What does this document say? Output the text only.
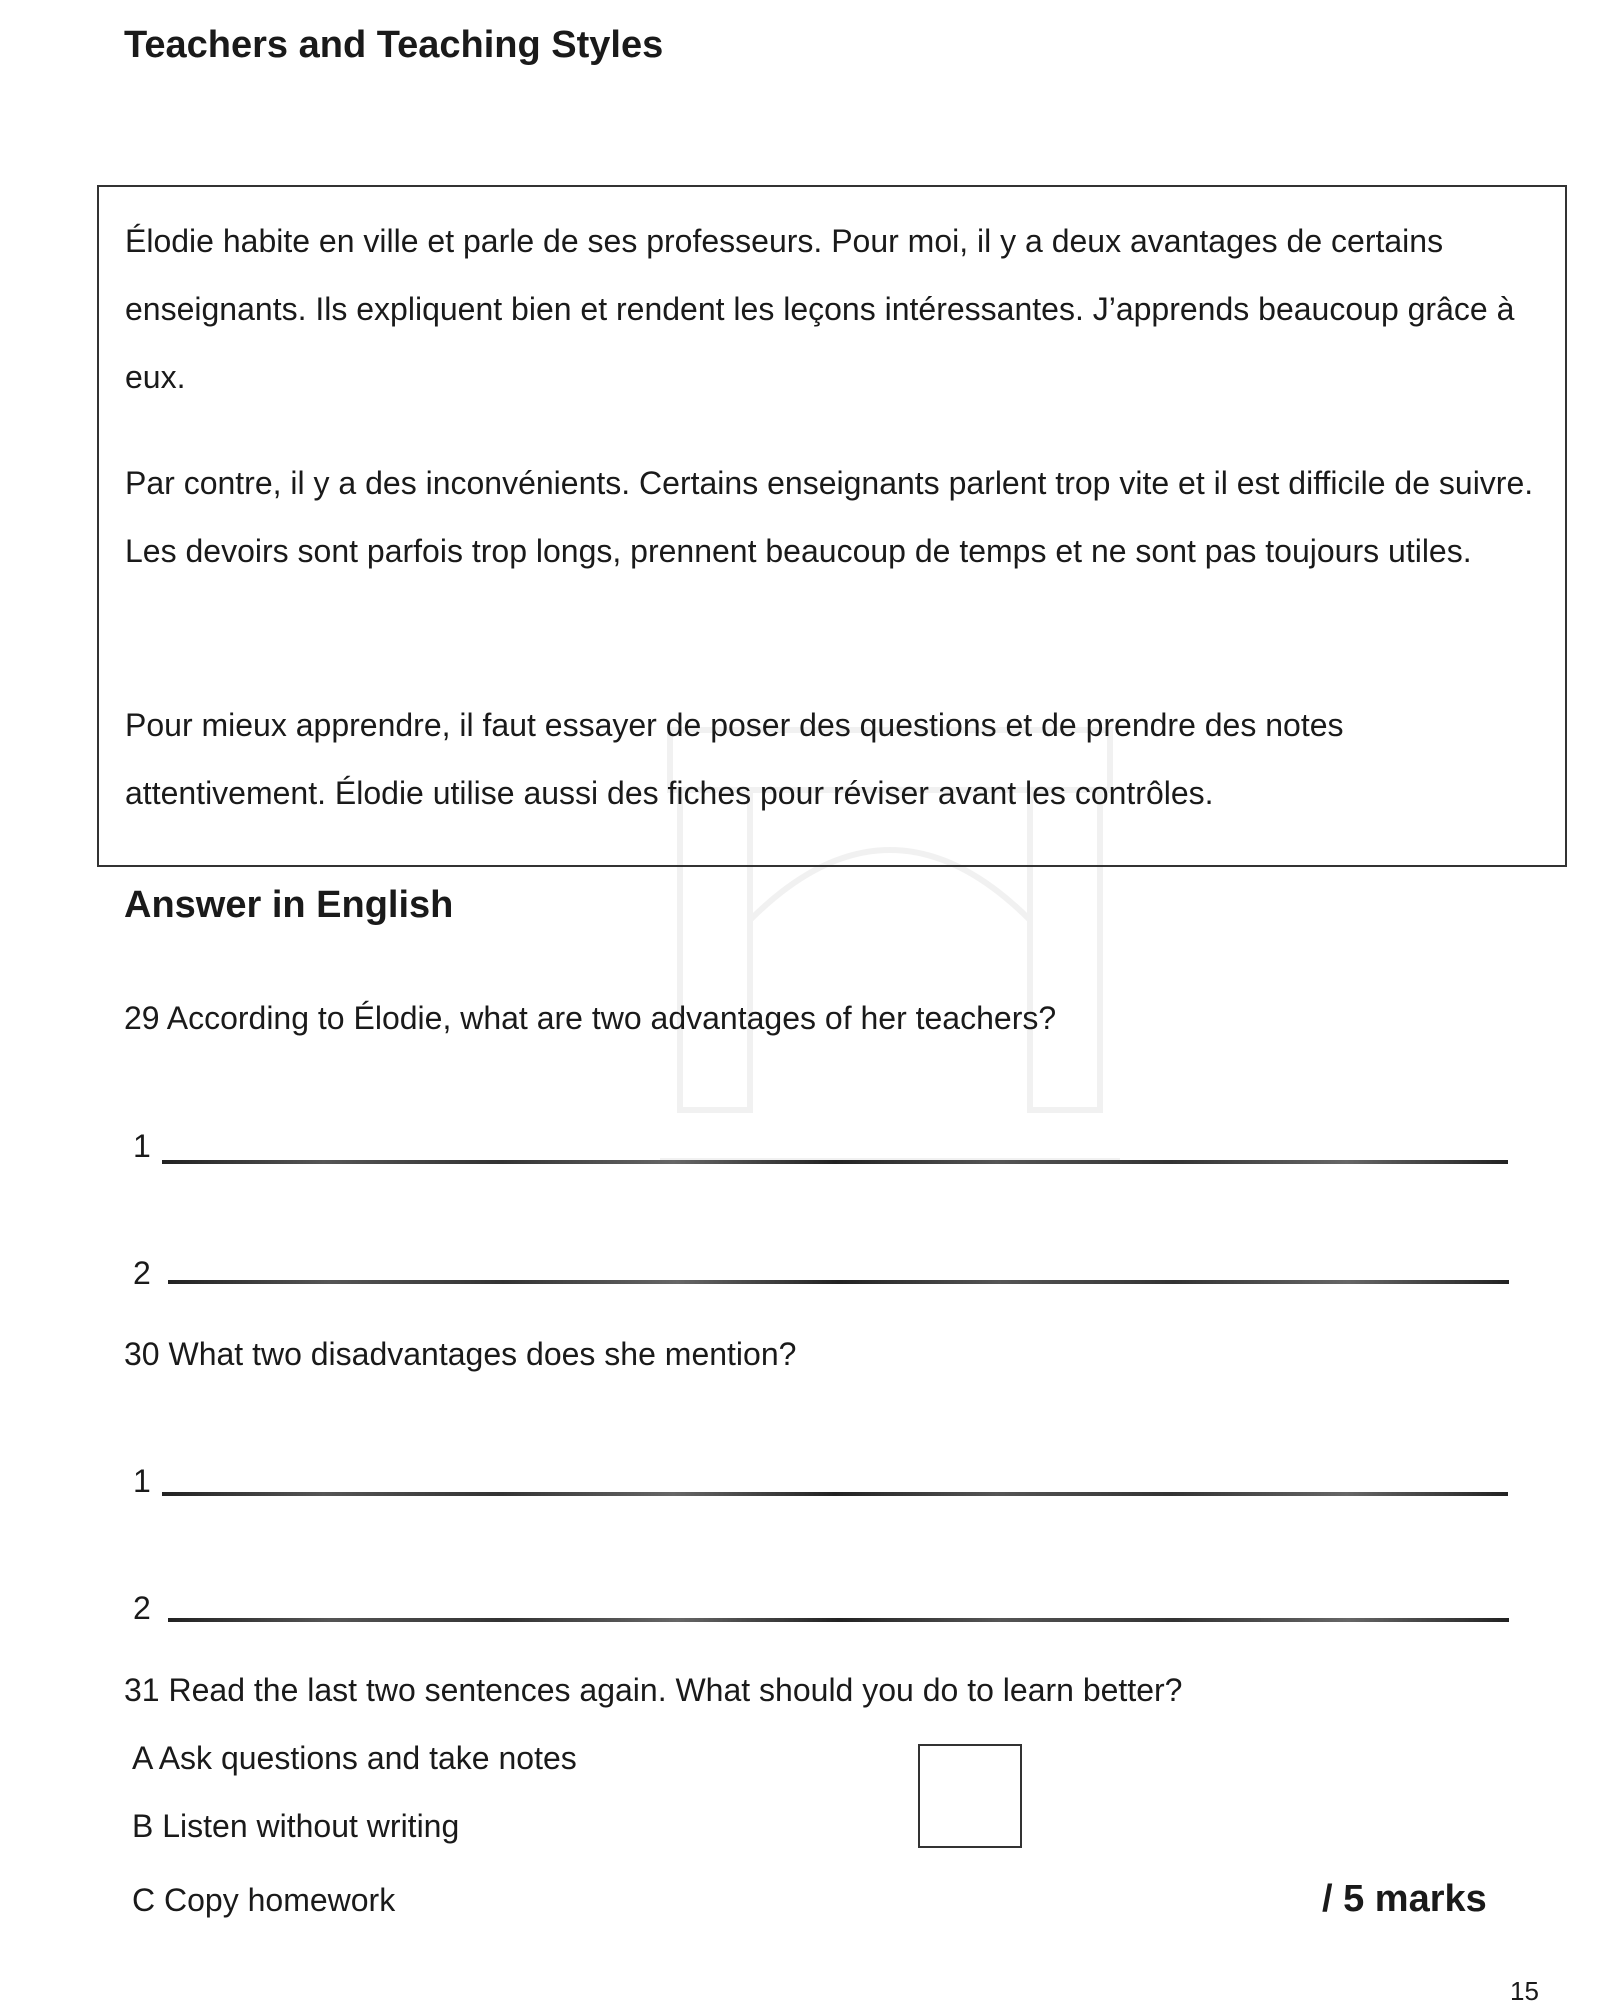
Teachers and Teaching Styles
Élodie habite en ville et parle de ses professeurs. Pour moi, il y a deux avantages de certains enseignants. Ils expliquent bien et rendent les leçons intéressantes. J’apprends beaucoup grâce à eux.
Par contre, il y a des inconvénients. Certains enseignants parlent trop vite et il est difficile de suivre. Les devoirs sont parfois trop longs, prennent beaucoup de temps et ne sont pas toujours utiles.
Pour mieux apprendre, il faut essayer de poser des questions et de prendre des notes attentivement. Élodie utilise aussi des fiches pour réviser avant les contrôles.
Answer in English
29 According to Élodie, what are two advantages of her teachers?
1
2
30 What two disadvantages does she mention?
1
2
31 Read the last two sentences again. What should you do to learn better?
A Ask questions and take notes
B Listen without writing
C Copy homework	/ 5 marks
15
